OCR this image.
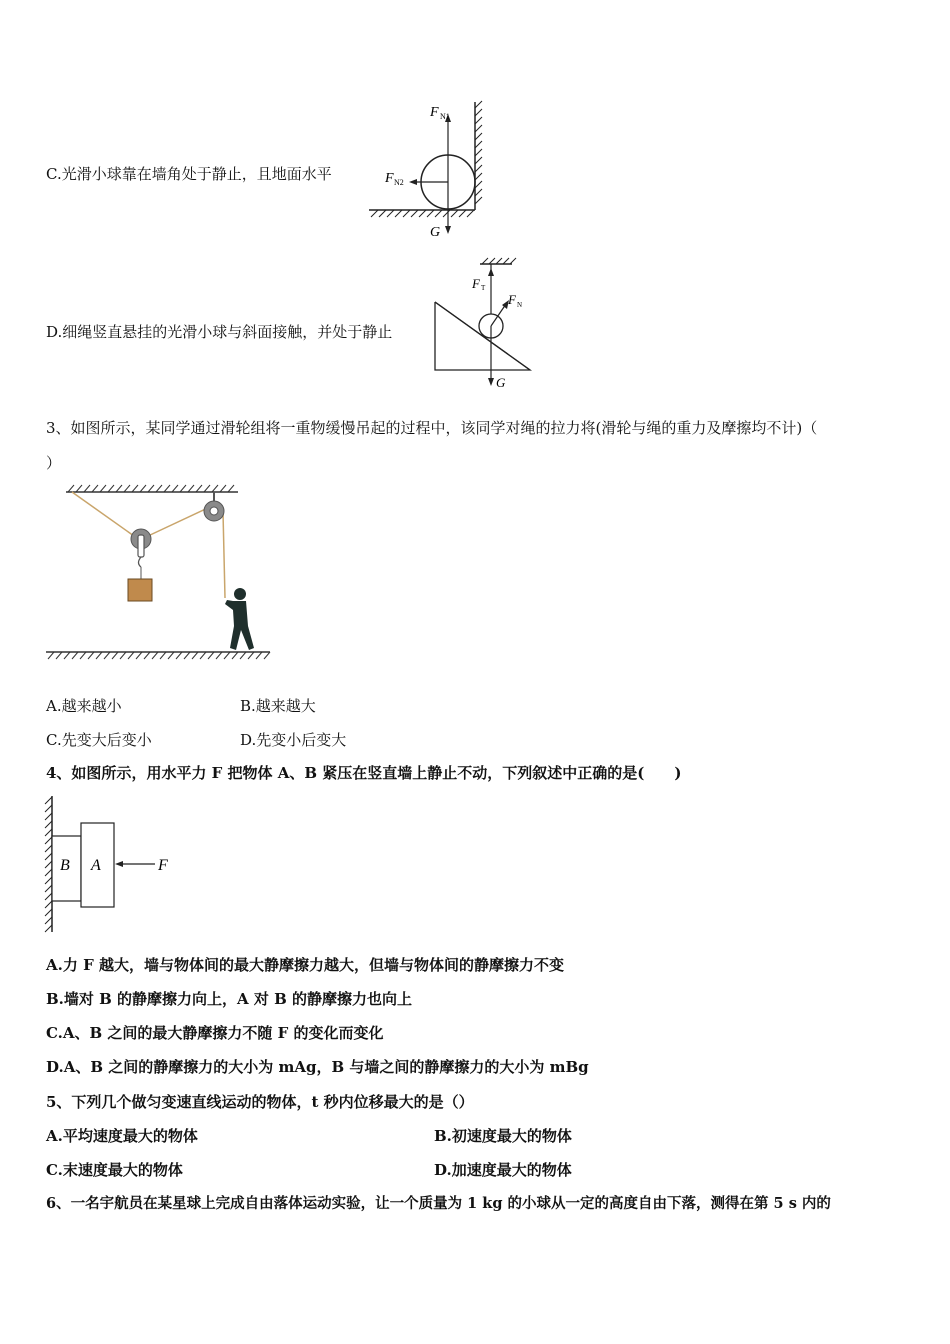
C.光滑小球靠在墙角处于静止，且地面水平
F N1
F N2
G
D.细绳竖直悬挂的光滑小球与斜面接触，并处于静止
F T
F N
G
3、如图所示，某同学通过滑轮组将一重物缓慢吊起的过程中，该同学对绳的拉力将(滑轮与绳的重力及摩擦均不计)（
）
A.越来越小	B.越来越大
C.先变大后变小	D.先变小后变大
4、如图所示，用水平力 F 把物体 A、B 紧压在竖直墙上静止不动，下列叙述中正确的是(　　)
B A	F
A.力 F 越大，墙与物体间的最大静摩擦力越大，但墙与物体间的静摩擦力不变
B.墙对 B 的静摩擦力向上，A 对 B 的静摩擦力也向上
C.A、B 之间的最大静摩擦力不随 F 的变化而变化
D.A、B 之间的静摩擦力的大小为 mAg，B 与墙之间的静摩擦力的大小为 mBg
5、下列几个做匀变速直线运动的物体，t 秒内位移最大的是（）
A.平均速度最大的物体	B.初速度最大的物体
C.末速度最大的物体	D.加速度最大的物体
6、一名宇航员在某星球上完成自由落体运动实验，让一个质量为 1 kg 的小球从一定的高度自由下落，测得在第 5 s 内的
